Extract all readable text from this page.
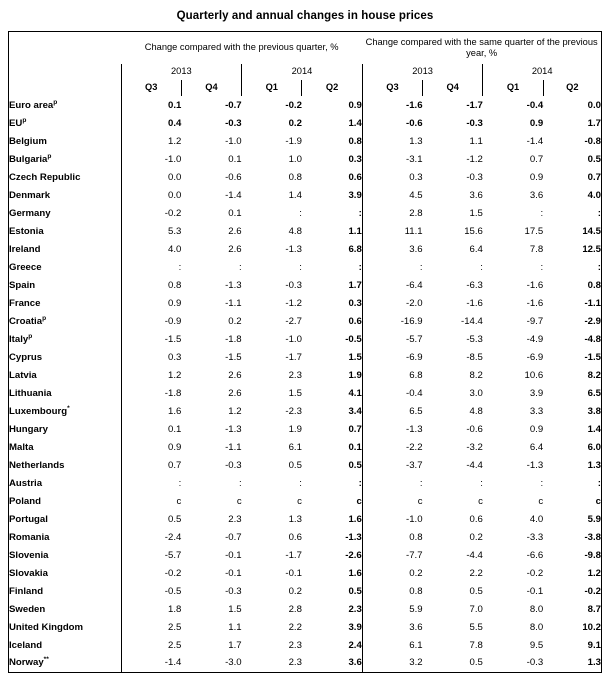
Quarterly and annual changes in house prices
	Change compared with the previous quarter, %				Change compared with the same quarter of the previous year, %			
	2013		2014		2013		2014	
	Q3	Q4	Q1	Q2	Q3	Q4	Q1	Q2
Euro area$^p$	0.1	-0.7	-0.2	0.9	-1.6	-1.7	-0.4	0.0
$EU^p$	0.4	-0.3	0.2	1.4	-0.6	-0.3	0.9	1.7
Belgium	1.2	-1.0	-1.9	0.8	1.3	1.1	-1.4	-0.8
Bulgaria$^p$	-1.0	0.1	1.0	0.3	-3.1	-1.2	0.7	0.5
Czech Republic	0.0	-0.6	0.8	0.6	0.3	-0.3	0.9	0.7
Denmark	0.0	-1.4	1.4	3.9	4.5	3.6	3.6	4.0
Germany	-0.2	0.1	:	:	2.8	1.5	:	:
Estonia	5.3	2.6	4.8	1.1	11.1	15.6	17.5	14.5
Ireland	4.0	2.6	-1.3	6.8	3.6	6.4	7.8	12.5
Greece	:	:	:	:	:	:	:	:
Spain	0.8	-1.3	-0.3	1.7	-6.4	-6.3	-1.6	0.8
France	0.9	-1.1	-1.2	0.3	-2.0	-1.6	-1.6	-1.1
Croatia$^p$	-0.9	0.2	-2.7	0.6	-16.9	-14.4	-9.7	-2.9
Italy$^p$	-1.5	-1.8	-1.0	-0.5	-5.7	-5.3	-4.9	-4.8
Cyprus	0.3	-1.5	-1.7	1.5	-6.9	-8.5	-6.9	-1.5
Latvia	1.2	2.6	2.3	1.9	6.8	8.2	10.6	8.2
Lithuania	-1.8	2.6	1.5	4.1	-0.4	3.0	3.9	6.5
Luxembourg*	1.6	1.2	-2.3	3.4	6.5	4.8	3.3	3.8
Hungary	0.1	-1.3	1.9	0.7	-1.3	-0.6	0.9	1.4
Malta	0.9	-1.1	6.1	0.1	-2.2	-3.2	6.4	6.0
Netherlands	0.7	-0.3	0.5	0.5	-3.7	-4.4	-1.3	1.3
Austria	:	:	:	:	:	:	:	:
Poland	c	c	c	c	c	c	c	c
Portugal	0.5	2.3	1.3	1.6	-1.0	0.6	4.0	5.9
Romania	-2.4	-0.7	0.6	-1.3	0.8	0.2	-3.3	-3.8
Slovenia	-5.7	-0.1	-1.7	-2.6	-7.7	-4.4	-6.6	-9.8
Slovakia	-0.2	-0.1	-0.1	1.6	0.2	2.2	-0.2	1.2
Finland	-0.5	-0.3	0.2	0.5	0.8	0.5	-0.1	-0.2
Sweden	1.8	1.5	2.8	2.3	5.9	7.0	8.0	8.7
United Kingdom	2.5	1.1	2.2	3.9	3.6	5.5	8.0	10.2
Iceland	2.5	1.7	2.3	2.4	6.1	7.8	9.5	9.1
Norway**	-1.4	-3.0	2.3	3.6	3.2	0.5	-0.3	1.3
